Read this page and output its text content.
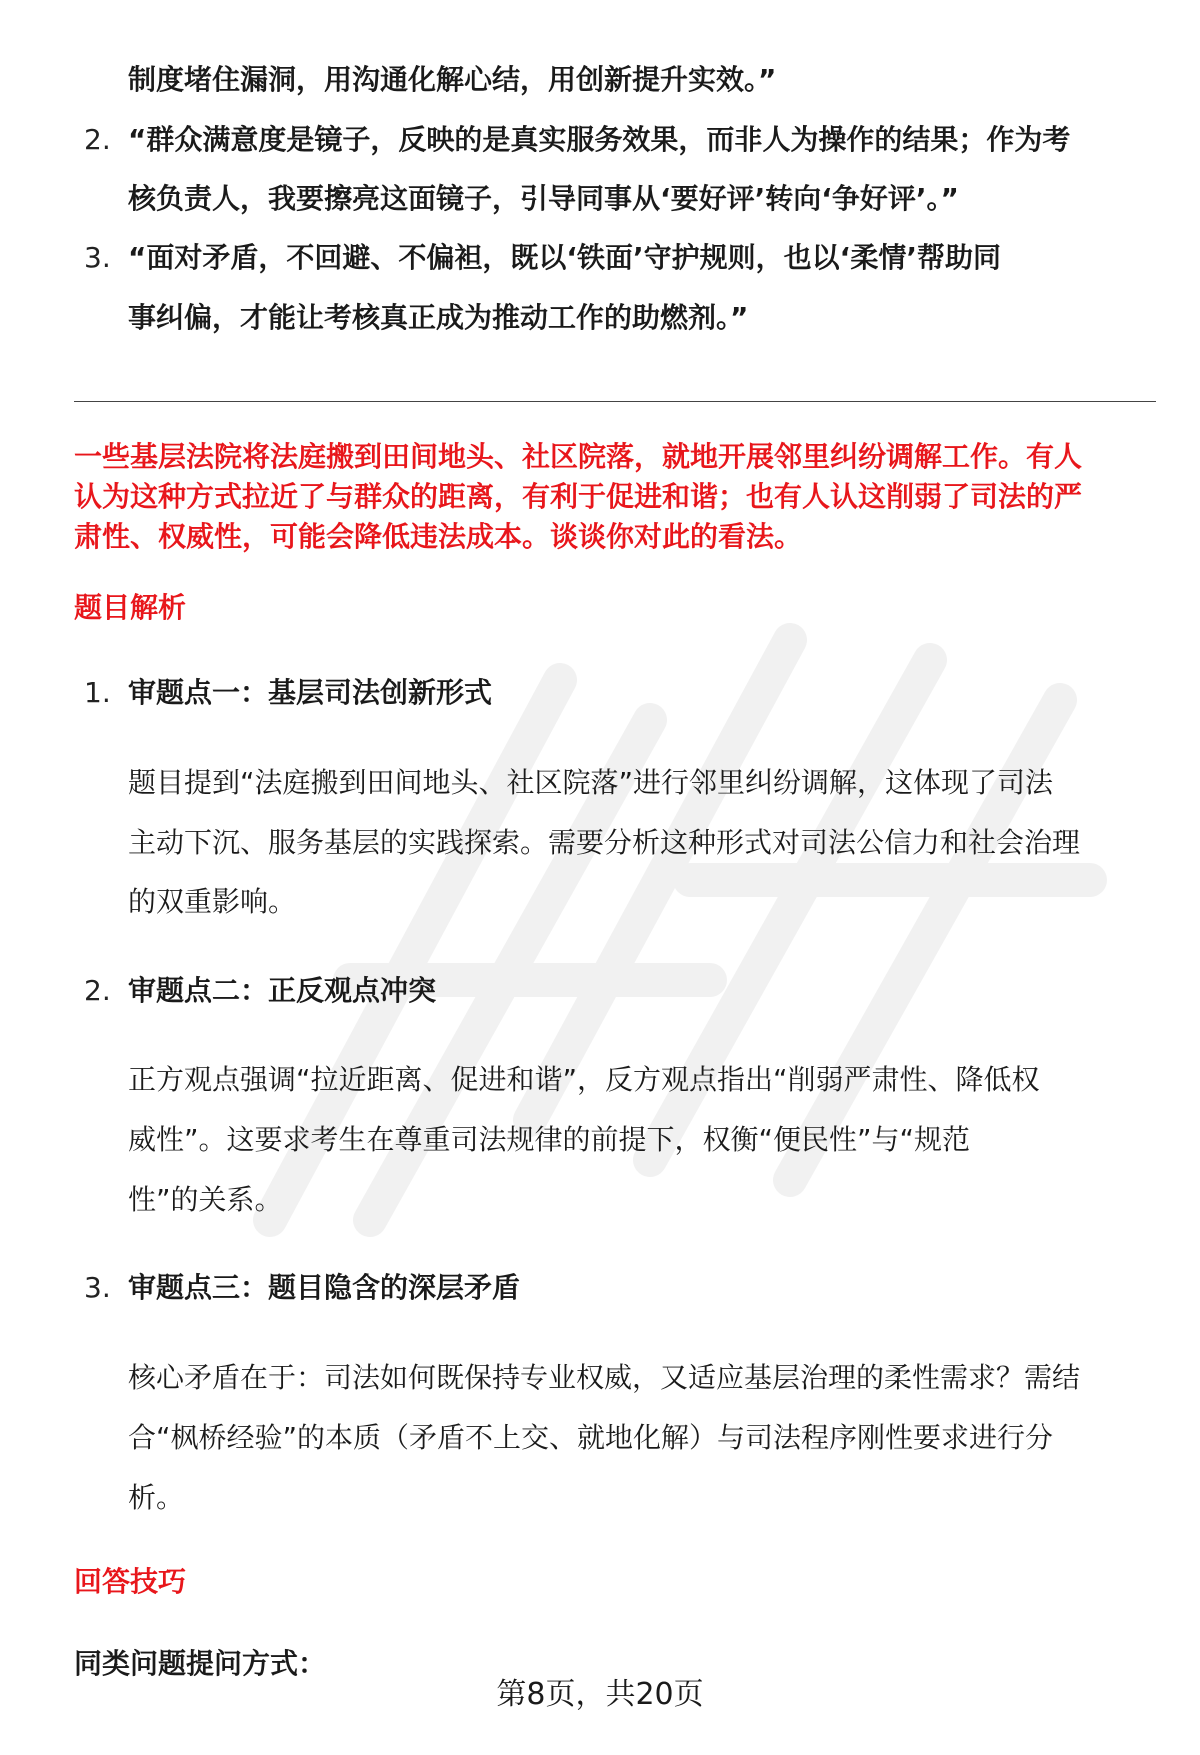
制度堵住漏洞，用沟通化解心结，用创新提升实效。”
2. “群众满意度是镜子，反映的是真实服务效果，而非人为操作的结果；作为考
核负责人，我要擦亮这面镜子，引导同事从‘要好评’转向‘争好评’。”
3. “面对矛盾，不回避、不偏袒，既以‘铁面’守护规则，也以‘柔情’帮助同
事纠偏，才能让考核真正成为推动工作的助燃剂。”
一些基层法院将法庭搬到田间地头、社区院落，就地开展邻里纠纷调解工作。有人
认为这种方式拉近了与群众的距离，有利于促进和谐；也有人认这削弱了司法的严
肃性、权威性，可能会降低违法成本。谈谈你对此的看法。
题目解析
1. 审题点一：基层司法创新形式
题目提到“法庭搬到田间地头、社区院落”进行邻里纠纷调解，这体现了司法
主动下沉、服务基层的实践探索。需要分析这种形式对司法公信力和社会治理
的双重影响。
2. 审题点二：正反观点冲突
正方观点强调“拉近距离、促进和谐”，反方观点指出“削弱严肃性、降低权
威性”。这要求考生在尊重司法规律的前提下，权衡“便民性”与“规范
性”的关系。
3. 审题点三：题目隐含的深层矛盾
核心矛盾在于：司法如何既保持专业权威，又适应基层治理的柔性需求？需结
合“枫桥经验”的本质（矛盾不上交、就地化解）与司法程序刚性要求进行分
析。
回答技巧
同类问题提问方式：
第8页，共20页
